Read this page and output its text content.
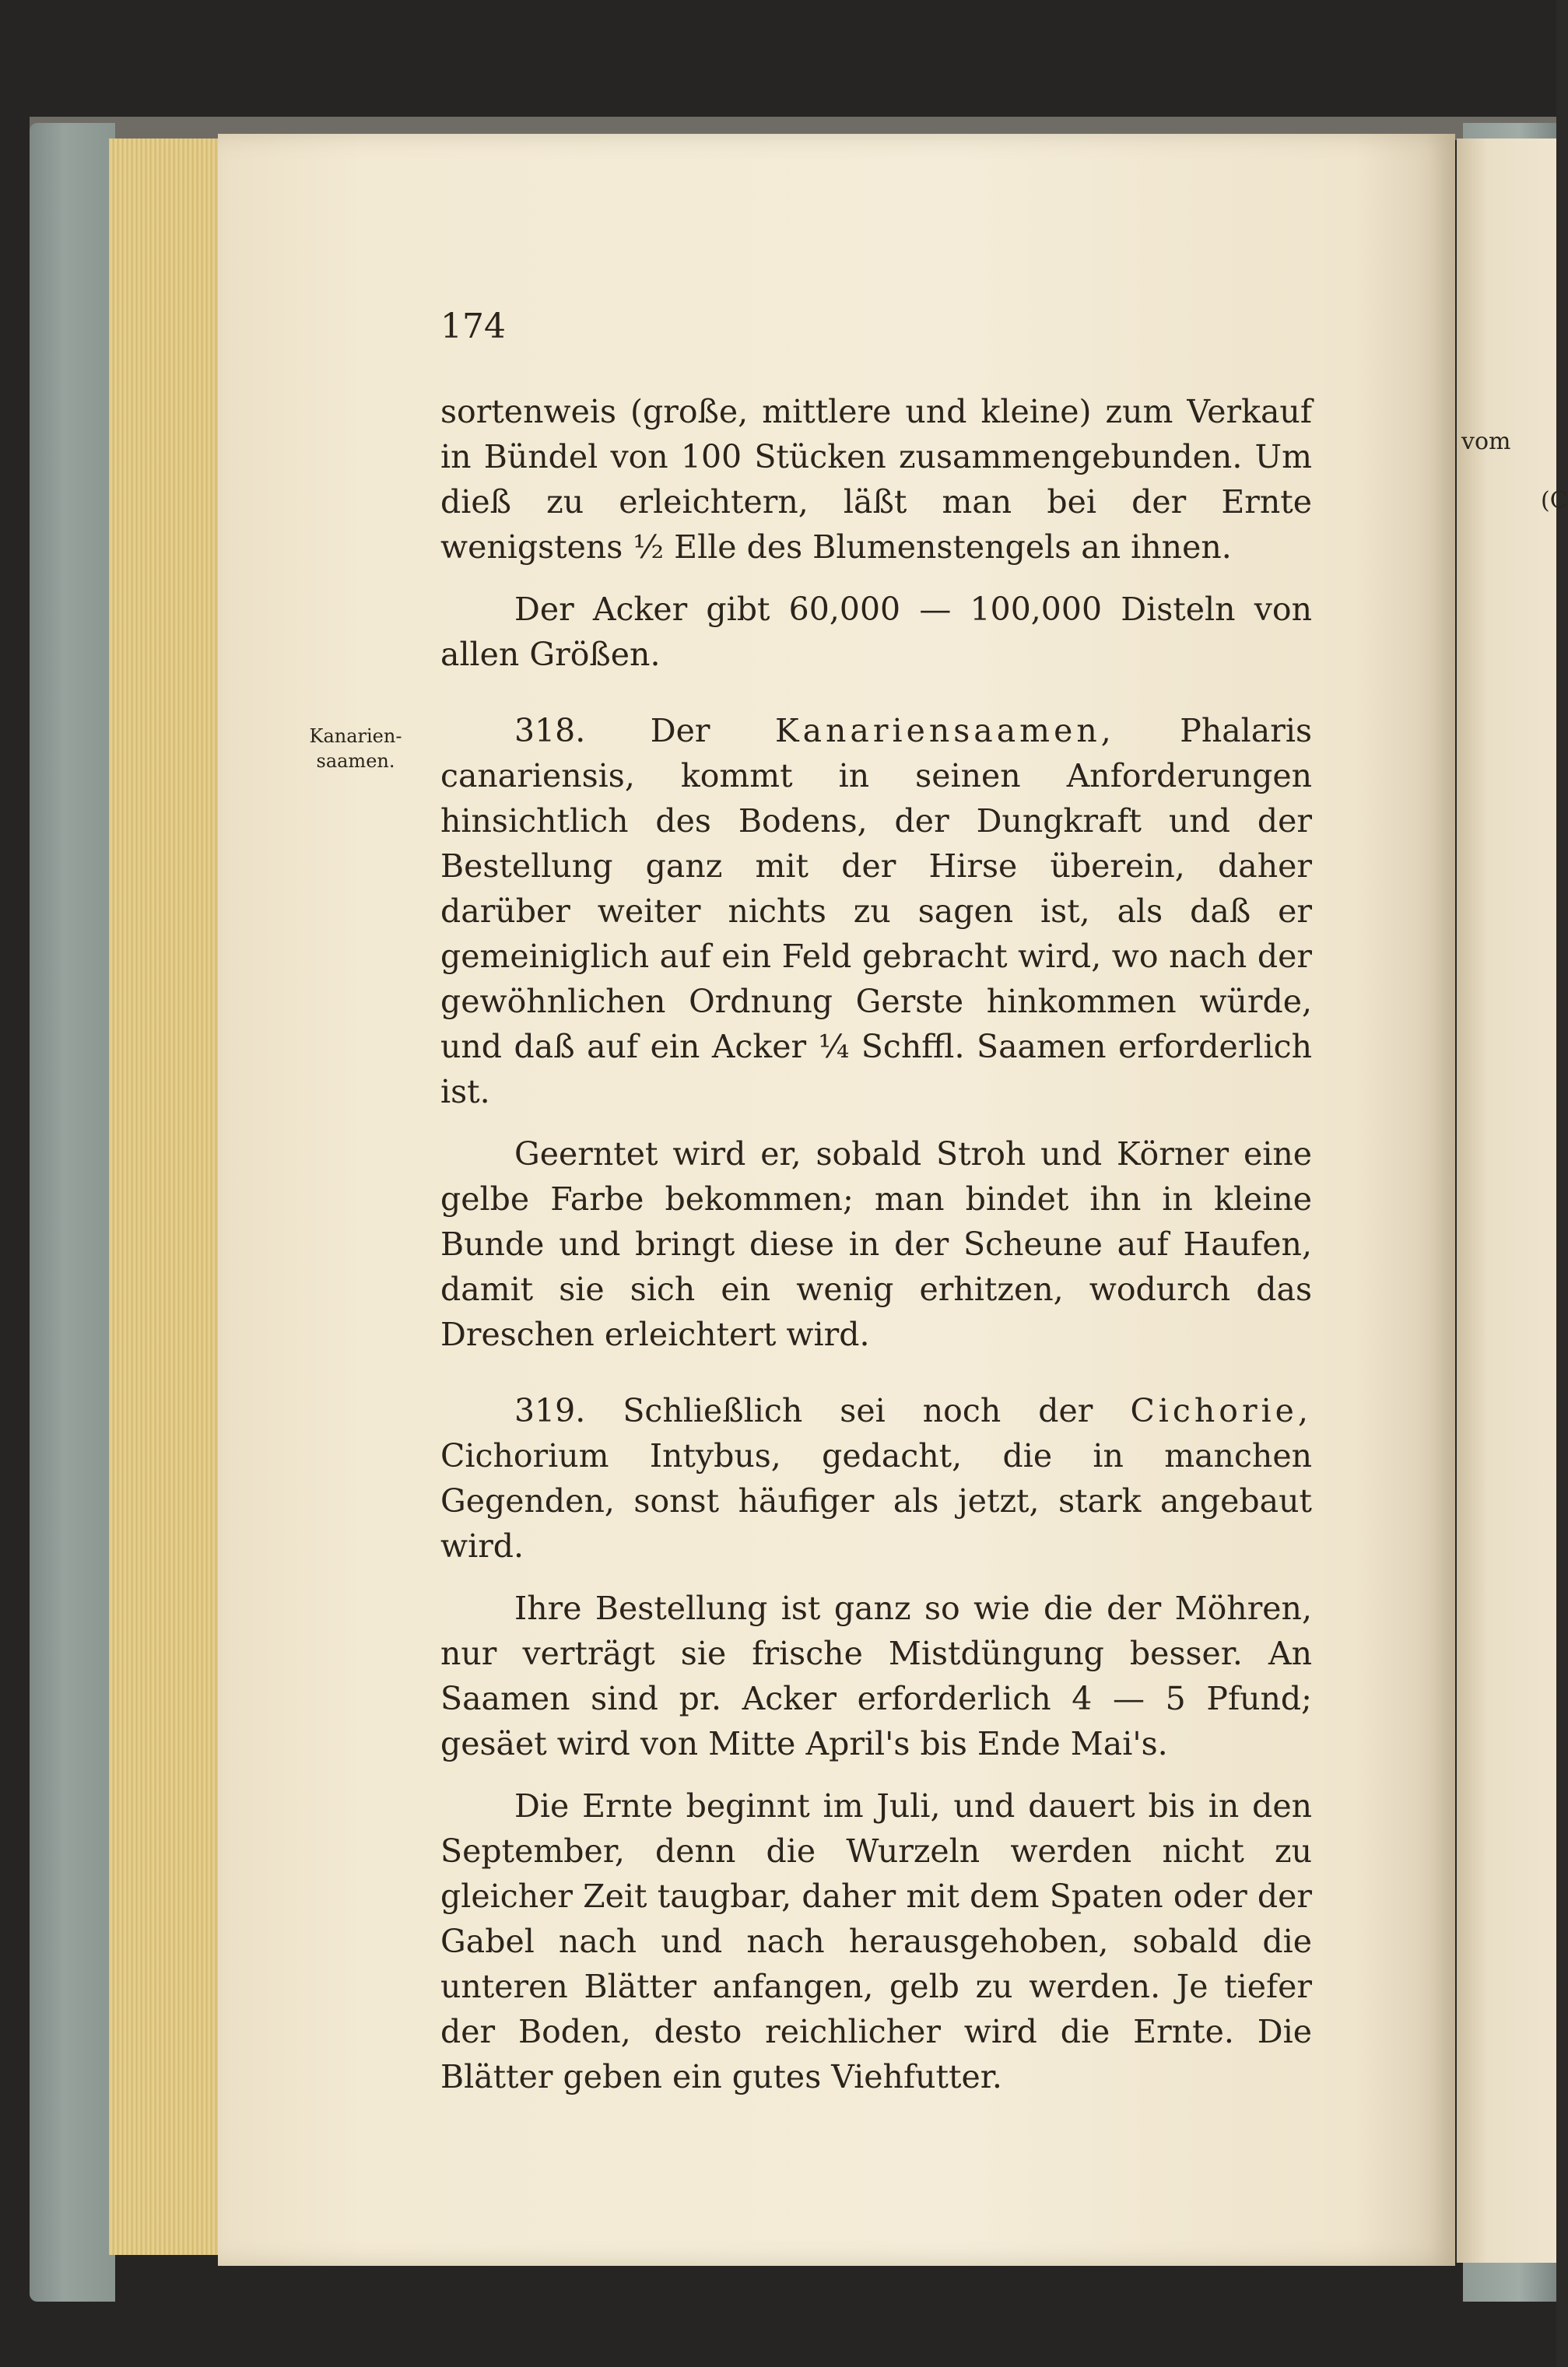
vom
(C
174
Kanarien-
saamen.

sortenweis (große, mittlere und kleine) zum Verkauf in Bündel von 100 Stücken zusammengebunden. Um dieß zu erleichtern, läßt man bei der Ernte wenigstens ½ Elle des Blumenstengels an ihnen.

Der Acker gibt 60,000 — 100,000 Disteln von allen Größen.

318. Der Kanariensaamen, Phalaris canariensis, kommt in seinen Anforderungen hinsichtlich des Bodens, der Dungkraft und der Bestellung ganz mit der Hirse überein, daher darüber weiter nichts zu sagen ist, als daß er gemeiniglich auf ein Feld gebracht wird, wo nach der gewöhnlichen Ordnung Gerste hinkommen würde, und daß auf ein Acker ¼ Schffl. Saamen erforderlich ist.

Geerntet wird er, sobald Stroh und Körner eine gelbe Farbe bekommen; man bindet ihn in kleine Bunde und bringt diese in der Scheune auf Haufen, damit sie sich ein wenig erhitzen, wodurch das Dreschen erleichtert wird.

319. Schließlich sei noch der Cichorie, Cichorium Intybus, gedacht, die in manchen Gegenden, sonst häufiger als jetzt, stark angebaut wird.

Ihre Bestellung ist ganz so wie die der Möhren, nur verträgt sie frische Mistdüngung besser. An Saamen sind pr. Acker erforderlich 4 — 5 Pfund; gesäet wird von Mitte April's bis Ende Mai's.

Die Ernte beginnt im Juli, und dauert bis in den September, denn die Wurzeln werden nicht zu gleicher Zeit taugbar, daher mit dem Spaten oder der Gabel nach und nach herausgehoben, sobald die unteren Blätter anfangen, gelb zu werden. Je tiefer der Boden, desto reichlicher wird die Ernte. Die Blätter geben ein gutes Viehfutter.
